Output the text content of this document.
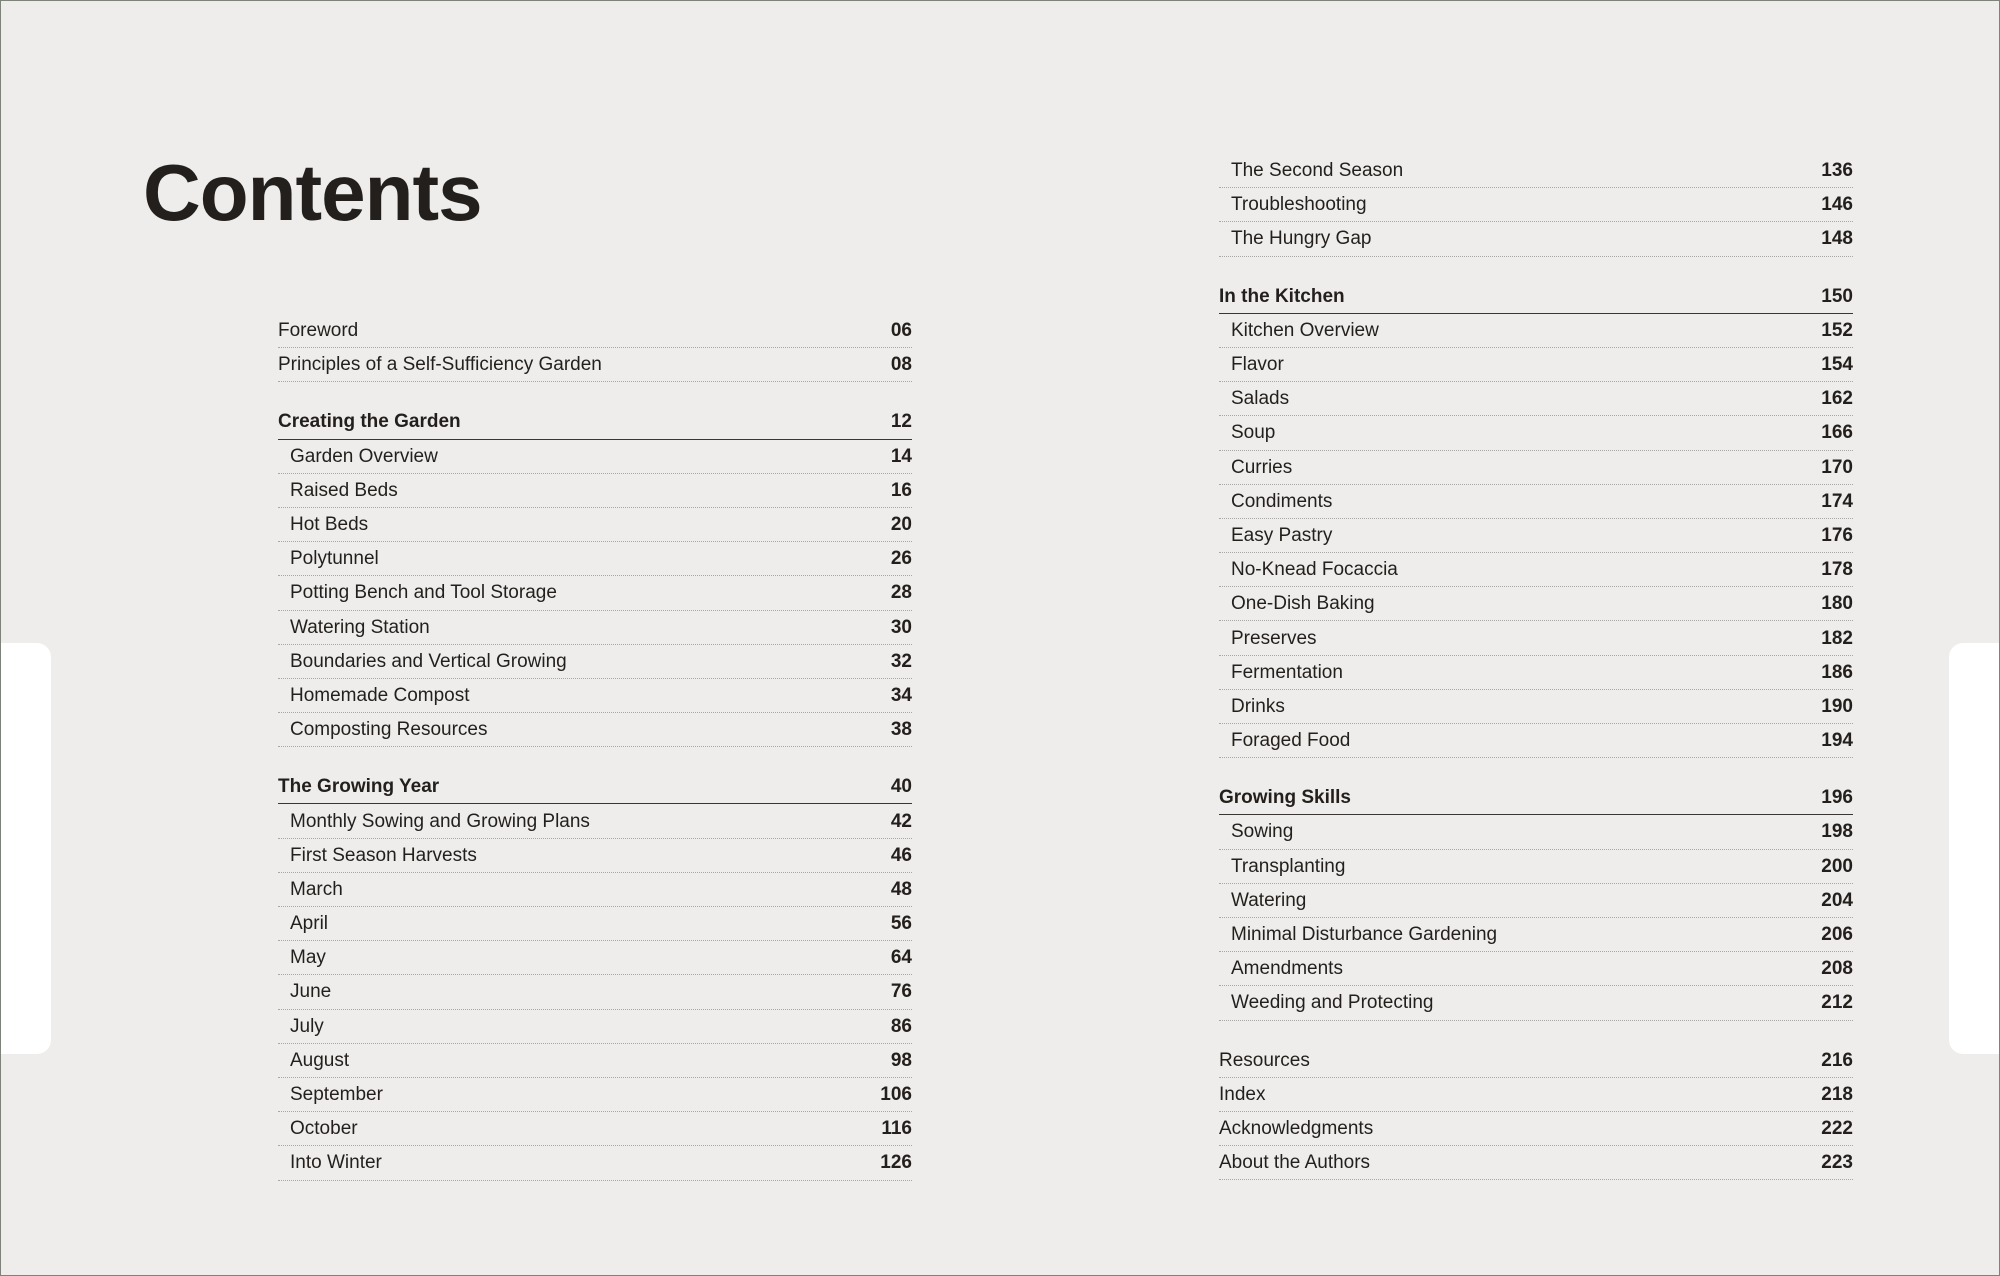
Contents
Foreword	06
Principles of a Self-Sufficiency Garden	08
Creating the Garden	12
Garden Overview	14
Raised Beds	16
Hot Beds	20
Polytunnel	26
Potting Bench and Tool Storage	28
Watering Station	30
Boundaries and Vertical Growing	32
Homemade Compost	34
Composting Resources	38
The Growing Year	40
Monthly Sowing and Growing Plans	42
First Season Harvests	46
March	48
April	56
May	64
June	76
July	86
August	98
September	106
October	116
Into Winter	126
The Second Season	136
Troubleshooting	146
The Hungry Gap	148
In the Kitchen	150
Kitchen Overview	152
Flavor	154
Salads	162
Soup	166
Curries	170
Condiments	174
Easy Pastry	176
No-Knead Focaccia	178
One-Dish Baking	180
Preserves	182
Fermentation	186
Drinks	190
Foraged Food	194
Growing Skills	196
Sowing	198
Transplanting	200
Watering	204
Minimal Disturbance Gardening	206
Amendments	208
Weeding and Protecting	212
Resources	216
Index	218
Acknowledgments	222
About the Authors	223
